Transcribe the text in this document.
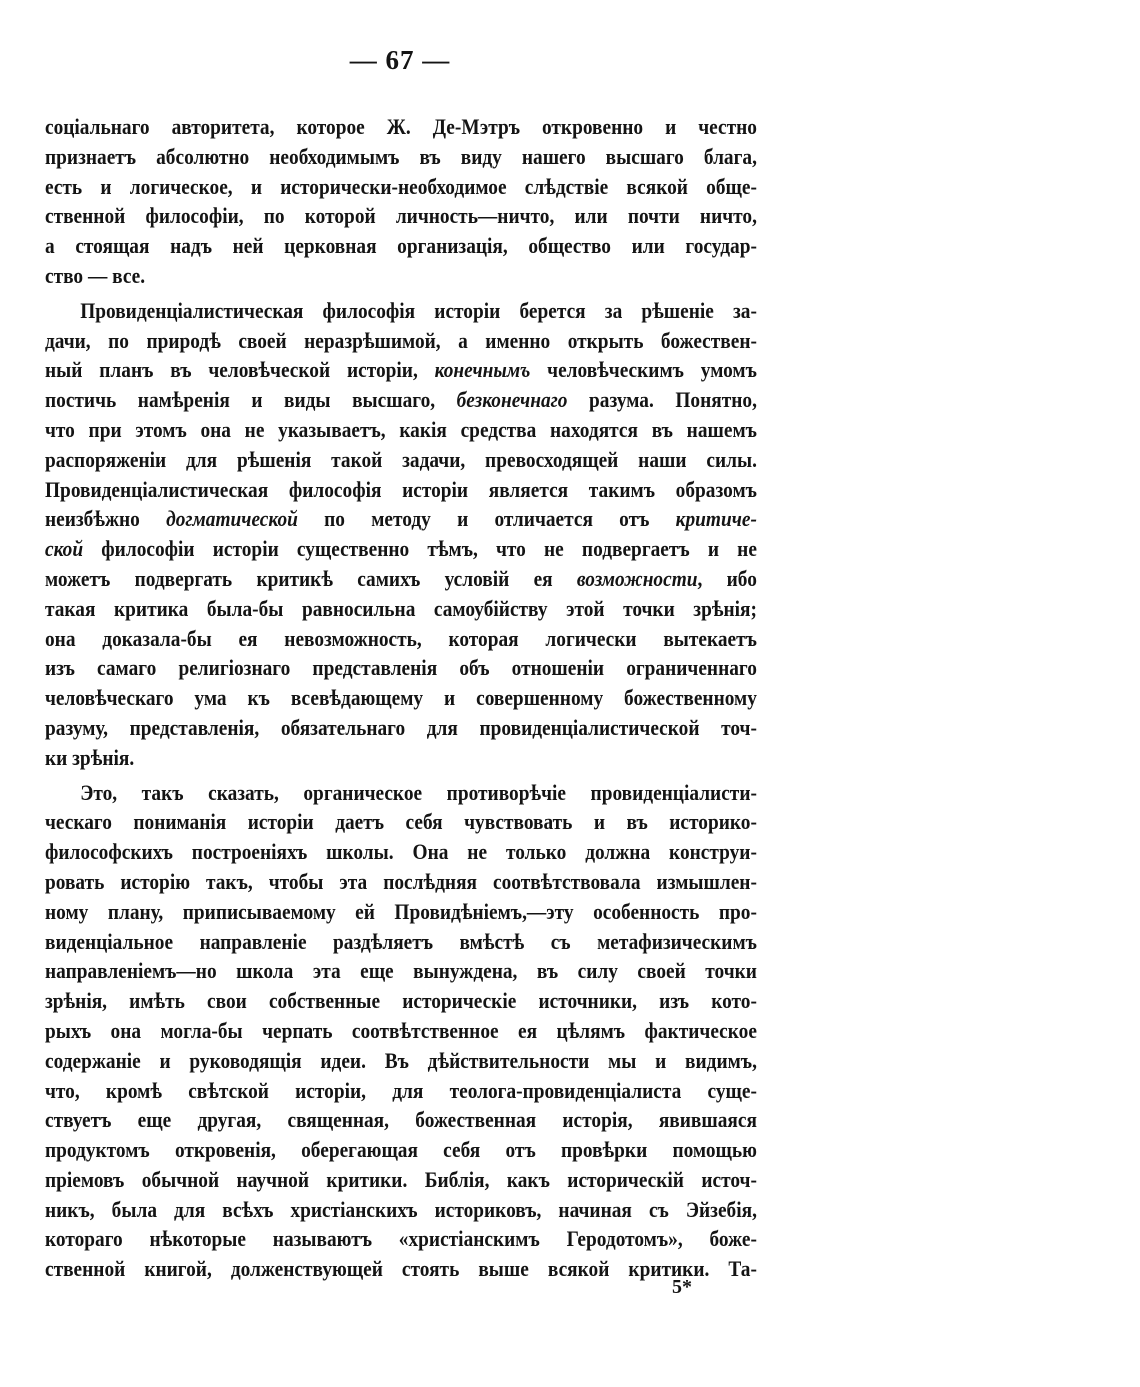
— 67 —
соціальнаго авторитета, которое Ж. Де-Мэтръ откровенно и честно
признаетъ абсолютно необходимымъ въ виду нашего высшаго блага,
есть и логическое, и исторически-необходимое слѣдствіе всякой обще-
ственной философіи, по которой личность—ничто, или почти ничто,
а стоящая надъ ней церковная организація, общество или государ-
ство — все.
Провиденціалистическая философія исторіи берется за рѣшеніе за-
дачи, по природѣ своей неразрѣшимой, а именно открыть божествен-
ный планъ въ человѣческой исторіи, конечнымъ человѣческимъ умомъ
постичь намѣренія и виды высшаго, безконечнаго разума. Понятно,
что при этомъ она не указываетъ, какія средства находятся въ нашемъ
распоряженіи для рѣшенія такой задачи, превосходящей наши силы.
Провиденціалистическая философія исторіи является такимъ образомъ
неизбѣжно догматической по методу и отличается отъ критиче-
ской философіи исторіи существенно тѣмъ, что не подвергаетъ и не
можетъ подвергать критикѣ самихъ условій ея возможности, ибо
такая критика была-бы равносильна самоубійству этой точки зрѣнія;
она доказала-бы ея невозможность, которая логически вытекаетъ
изъ самаго религіознаго представленія объ отношеніи ограниченнаго
человѣческаго ума къ всевѣдающему и совершенному божественному
разуму, представленія, обязательнаго для провиденціалистической точ-
ки зрѣнія.
Это, такъ сказать, органическое противорѣчіе провиденціалисти-
ческаго пониманія исторіи даетъ себя чувствовать и въ историко-
философскихъ построеніяхъ школы. Она не только должна конструи-
ровать исторію такъ, чтобы эта послѣдняя соотвѣтствовала измышлен-
ному плану, приписываемому ей Провидѣніемъ,—эту особенность про-
виденціальное направленіе раздѣляетъ вмѣстѣ съ метафизическимъ
направленіемъ—но школа эта еще вынуждена, въ силу своей точки
зрѣнія, имѣть свои собственные историческіе источники, изъ кото-
рыхъ она могла-бы черпать соотвѣтственное ея цѣлямъ фактическое
содержаніе и руководящія идеи. Въ дѣйствительности мы и видимъ,
что, кромѣ свѣтской исторіи, для теолога-провиденціалиста суще-
ствуетъ еще другая, священная, божественная исторія, явившаяся
продуктомъ откровенія, оберегающая себя отъ провѣрки помощью
пріемовъ обычной научной критики. Библія, какъ историческій источ-
никъ, была для всѣхъ христіанскихъ историковъ, начиная съ Эйзебія,
котораго нѣкоторые называютъ «христіанскимъ Геродотомъ», боже-
ственной книгой, долженствующей стоять выше всякой критики. Та-
5*
